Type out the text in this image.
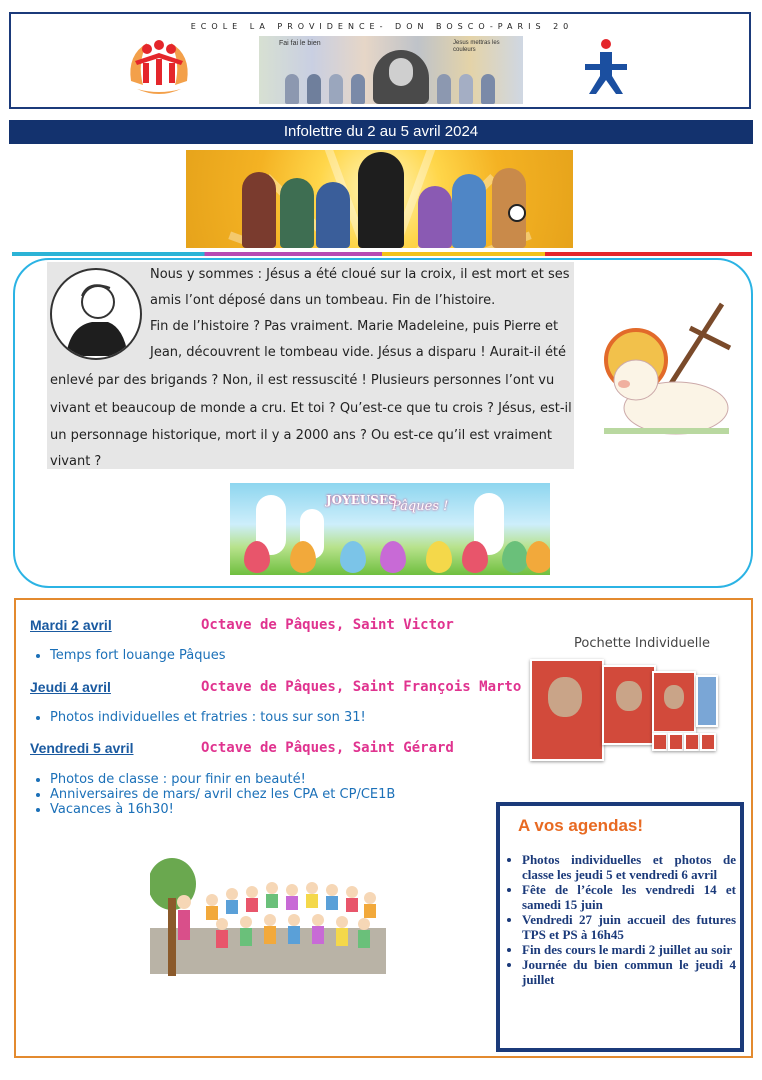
ECOLE LA PROVIDENCE- DON BOSCO-PARIS 20
Fai fai le bien	Jesus mettras les couleurs
Infolettre du 2 au 5 avril 2024
Nous y sommes : Jésus a été cloué sur la croix, il est mort et ses
amis l’ont déposé dans un tombeau. Fin de l’histoire.
Fin de l’histoire ? Pas vraiment. Marie Madeleine, puis Pierre et
Jean, découvrent le tombeau vide. Jésus a disparu ! Aurait-il été
enlevé par des brigands ? Non, il est ressuscité ! Plusieurs personnes l’ont vu
vivant et beaucoup de monde a cru. Et toi ? Qu’est-ce que tu crois ? Jésus, est-il
un personnage historique, mort il y a 2000 ans ? Ou est-ce qu’il est vraiment
vivant ?
JOYEUSES
Pâques !
Mardi 2 avril	Octave de Pâques, Saint Victor
• Temps fort louange Pâques
Jeudi 4 avril	Octave de Pâques, Saint François Marto
• Photos individuelles et fratries : tous sur son 31!
Vendredi 5 avril	Octave de Pâques, Saint Gérard
• Photos de classe : pour finir en beauté!
• Anniversaires de mars/ avril chez les CPA et CP/CE1B
• Vacances à 16h30!
Pochette Individuelle
A vos agendas!
• Photos individuelles et photos de classe les jeudi 5 et vendredi 6 avril
• Fête de l’école les vendredi 14 et samedi 15 juin
• Vendredi 27 juin accueil des futures TPS et PS à 16h45
• Fin des cours le mardi 2 juillet au soir
• Journée du bien commun le jeudi 4 juillet
